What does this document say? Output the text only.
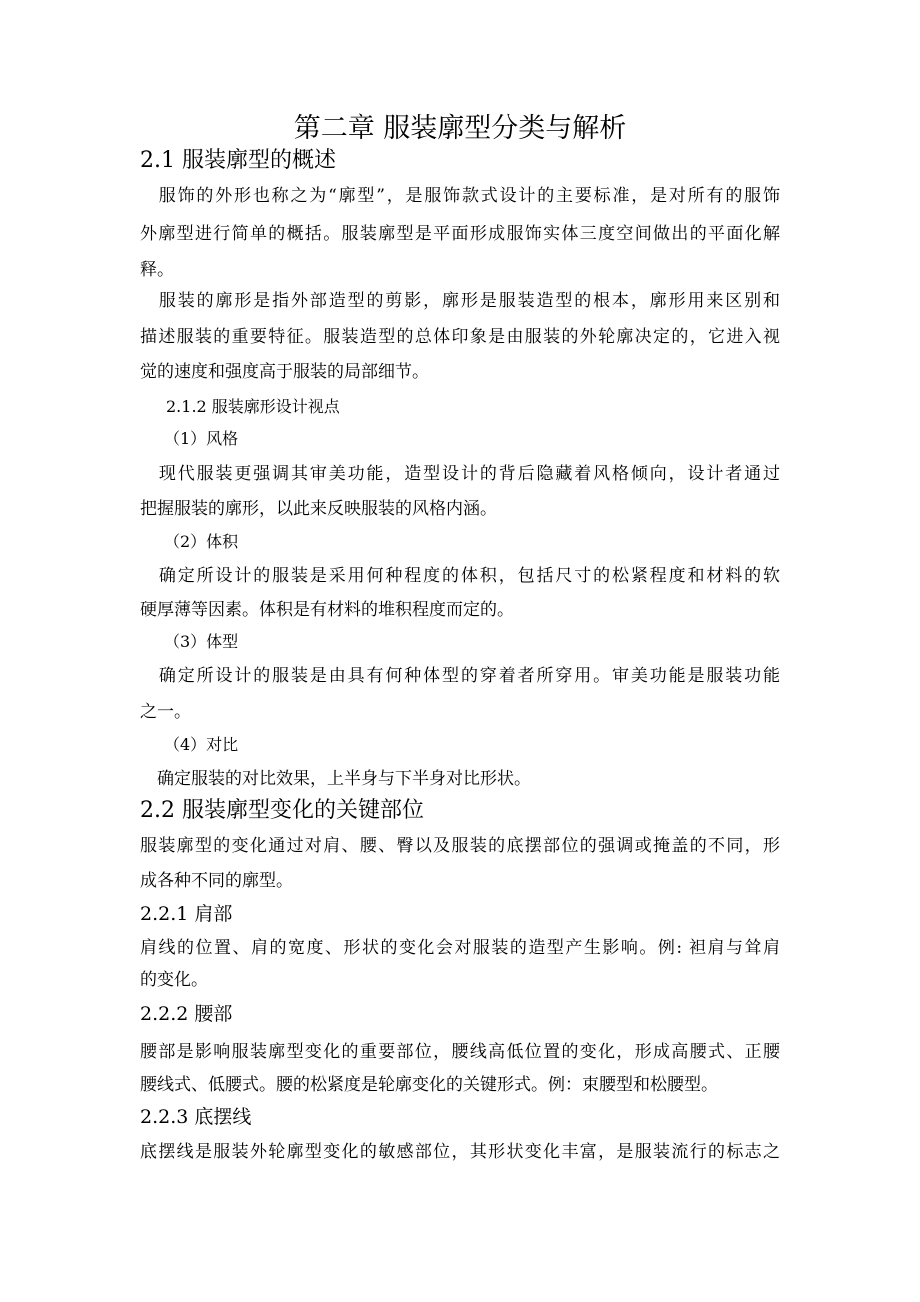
第二章 服装廓型分类与解析
2.1 服装廓型的概述
　服饰的外形也称之为“廓型”，是服饰款式设计的主要标准，是对所有的服饰
外廓型进行简单的概括。服装廓型是平面形成服饰实体三度空间做出的平面化解
释。
　服装的廓形是指外部造型的剪影，廓形是服装造型的根本，廓形用来区别和
描述服装的重要特征。服装造型的总体印象是由服装的外轮廓决定的，它进入视
觉的速度和强度高于服装的局部细节。
2.1.2 服装廓形设计视点
（1）风格
　现代服装更强调其审美功能，造型设计的背后隐藏着风格倾向，设计者通过
把握服装的廓形，以此来反映服装的风格内涵。
（2）体积
　确定所设计的服装是采用何种程度的体积，包括尺寸的松紧程度和材料的软
硬厚薄等因素。体积是有材料的堆积程度而定的。
（3）体型
　确定所设计的服装是由具有何种体型的穿着者所穿用。审美功能是服装功能
之一。
（4）对比
　确定服装的对比效果，上半身与下半身对比形状。
2.2 服装廓型变化的关键部位
服装廓型的变化通过对肩、腰、臀以及服装的底摆部位的强调或掩盖的不同，形
成各种不同的廓型。
2.2.1 肩部
肩线的位置、肩的宽度、形状的变化会对服装的造型产生影响。例: 袒肩与耸肩
的变化。
2.2.2 腰部
腰部是影响服装廓型变化的重要部位，腰线高低位置的变化，形成高腰式、正腰
腰线式、低腰式。腰的松紧度是轮廓变化的关键形式。例：束腰型和松腰型。
2.2.3 底摆线
底摆线是服装外轮廓型变化的敏感部位，其形状变化丰富，是服装流行的标志之
